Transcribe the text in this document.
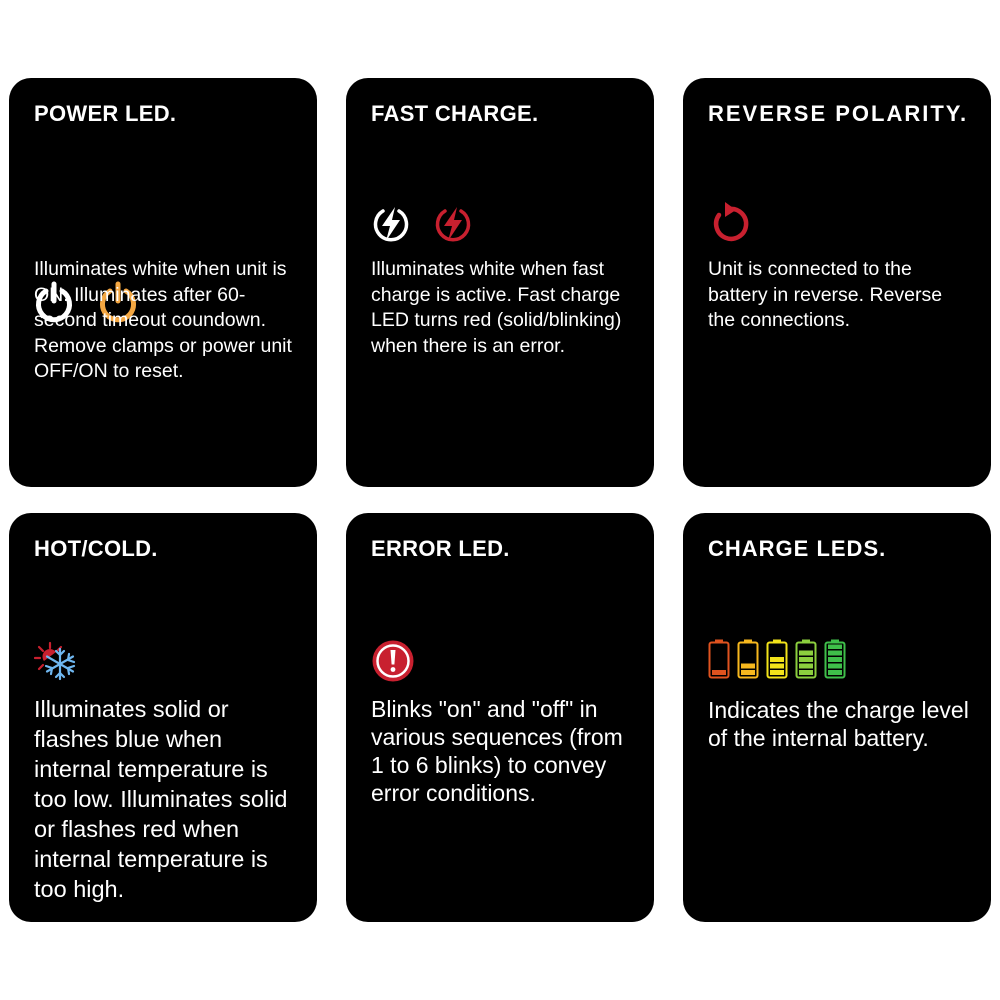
POWER LED.

Illuminates white when unit is ON. Illuminates after 60-second timeout coundown. Remove clamps or power unit OFF/ON to reset.

FAST CHARGE.

Illuminates white when fast charge is active. Fast charge LED turns red (solid/blinking) when there is an error.

REVERSE POLARITY.

Unit is connected to the battery in reverse. Reverse the connections.

HOT/COLD.

Illuminates solid or flashes blue when internal temperature is too low. Illuminates solid or flashes red when internal temperature is too high.

ERROR LED.

Blinks "on" and "off" in various sequences (from 1 to 6 blinks) to convey error conditions.

CHARGE LEDS.

Indicates the charge level of the internal battery.
